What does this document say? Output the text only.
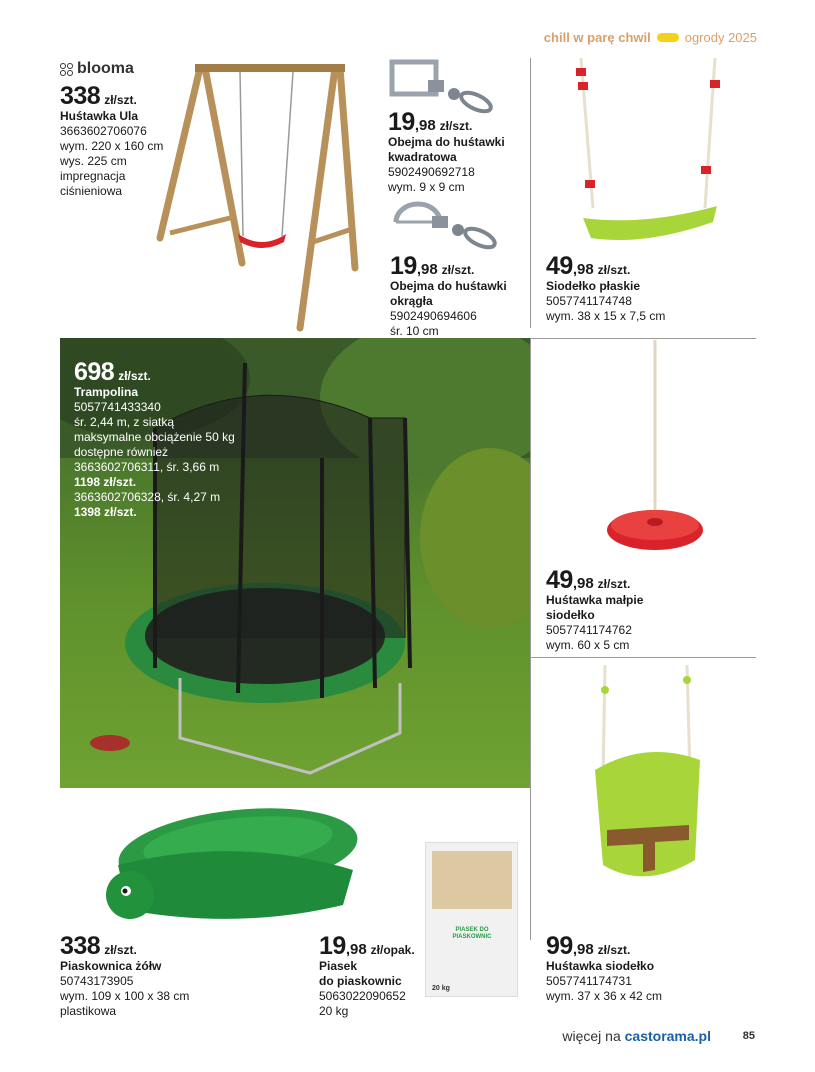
chill w parę chwil	ogrody 2025
blooma
338 zł/szt.
Huśtawka Ula
3663602706076
wym. 220 x 160 cm
wys. 225 cm
impregnacja
ciśnieniowa
19 ,98 zł/szt.
Obejma do huśtawki
kwadratowa
5902490692718
wym. 9 x 9 cm
19 ,98 zł/szt.
Obejma do huśtawki
okrągła
5902490694606
śr. 10 cm
49 ,98 zł/szt.
Siodełko płaskie
5057741174748
wym. 38 x 15 x 7,5 cm
698 zł/szt.
Trampolina
5057741433340
śr. 2,44 m, z siatką
maksymalne obciążenie 50 kg
dostępne również
3663602706311, śr. 3,66 m
1198 zł/szt.
3663602706328, śr. 4,27 m
1398 zł/szt.
49 ,98 zł/szt.
Huśtawka małpie
siodełko
5057741174762
wym. 60 x 5 cm
99 ,98 zł/szt.
Huśtawka siodełko
5057741174731
wym. 37 x 36 x 42 cm
338 zł/szt.
Piaskownica żółw
50743173905
wym. 109 x 100 x 38 cm
plastikowa
PIASEK DO PIASKOWNIC
20 kg
19 ,98 zł/opak.
Piasek
do piaskownic
5063022090652
20 kg
więcej na castorama.pl	85
